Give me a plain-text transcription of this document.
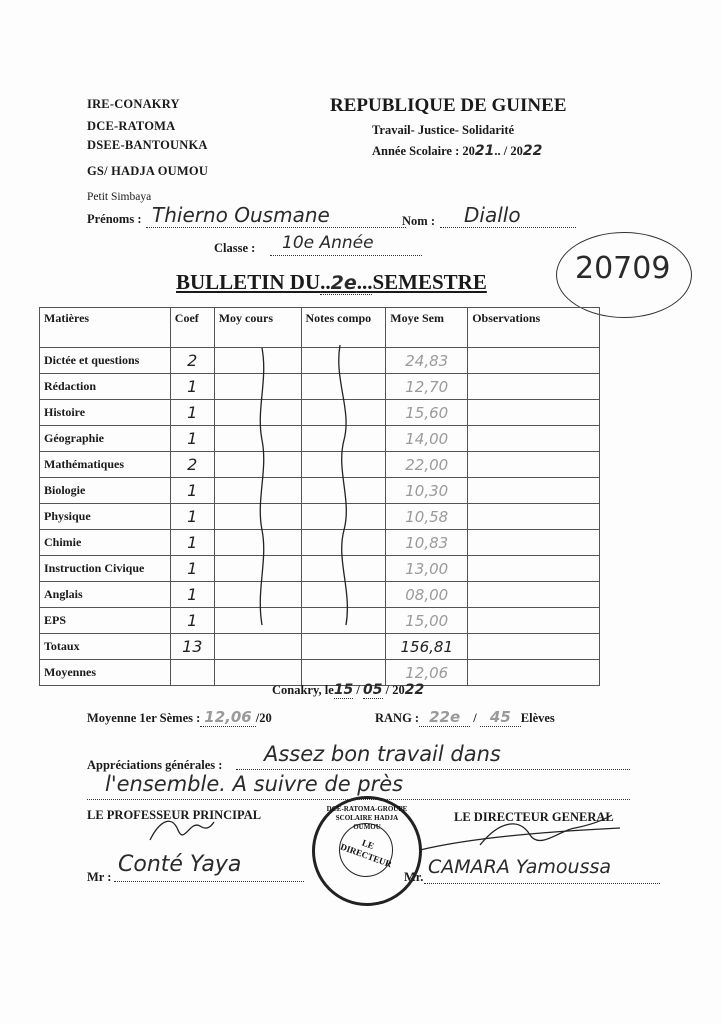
IRE-CONAKRY
DCE-RATOMA
DSEE-BANTOUNKA
GS/ HADJA OUMOU
Petit Simbaya
REPUBLIQUE DE GUINEE
Travail- Justice- Solidarité
Année Scolaire : 2021.. / 2022
Prénoms : Thierno Ousmane	Nom :	Diallo
Classe :	10e Année
20709
BULLETIN DU..2e...SEMESTRE
Matières	Coef	Moy cours	Notes compo	Moye Sem	Observations
Dictée et questions	2			24,83	
Rédaction	1			12,70	
Histoire	1			15,60	
Géographie	1			14,00	
Mathématiques	2			22,00	
Biologie	1			10,30	
Physique	1			10,58	
Chimie	1			10,83	
Instruction Civique	1			13,00	
Anglais	1			08,00	
EPS	1			15,00	
Totaux	13			156,81	
Moyennes				12,06	
Conakry, le15 / 05 / 2022
Moyenne 1er Sèmes : 12,06 /20	RANG : 22e / 45 Elèves
Appréciations générales :	Assez bon travail dans
l'ensemble. A suivre de près
LE PROFESSEUR PRINCIPAL	LE DIRECTEUR GENERAL
Mr : Conté Yaya	Mr. CAMARA Yamoussa
DCE-RATOMA-GROUPE SCOLAIRE HADJA OUMOU
LE DIRECTEUR
